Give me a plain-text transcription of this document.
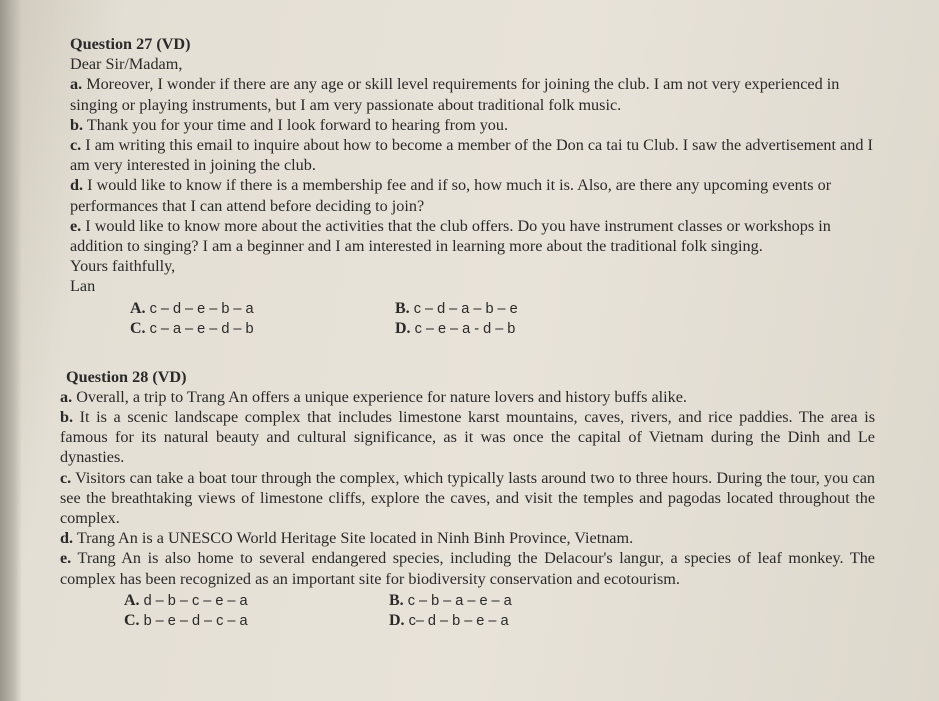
Question 27 (VD)

Dear Sir/Madam,

a. Moreover, I wonder if there are any age or skill level requirements for joining the club. I am not very experienced in singing or playing instruments, but I am very passionate about traditional folk music.

b. Thank you for your time and I look forward to hearing from you.

c. I am writing this email to inquire about how to become a member of the Don ca tai tu Club. I saw the advertisement and I am very interested in joining the club.

d. I would like to know if there is a membership fee and if so, how much it is. Also, are there any upcoming events or performances that I can attend before deciding to join?

e. I would like to know more about the activities that the club offers. Do you have instrument classes or workshops in addition to singing? I am a beginner and I am interested in learning more about the traditional folk singing.

Yours faithfully,

Lan

A. c – d – e – b – a	B. c – d – a – b – e
C. c – a – e – d – b	D. c – e – a - d – b

Question 28 (VD)

a. Overall, a trip to Trang An offers a unique experience for nature lovers and history buffs alike.

b. It is a scenic landscape complex that includes limestone karst mountains, caves, rivers, and rice paddies. The area is famous for its natural beauty and cultural significance, as it was once the capital of Vietnam during the Dinh and Le dynasties.

c. Visitors can take a boat tour through the complex, which typically lasts around two to three hours. During the tour, you can see the breathtaking views of limestone cliffs, explore the caves, and visit the temples and pagodas located throughout the complex.

d. Trang An is a UNESCO World Heritage Site located in Ninh Binh Province, Vietnam.

e. Trang An is also home to several endangered species, including the Delacour's langur, a species of leaf monkey. The complex has been recognized as an important site for biodiversity conservation and ecotourism.

A. d – b – c – e – a	B. c – b – a – e – a
C. b – e – d – c – a	D. c– d – b – e – a
